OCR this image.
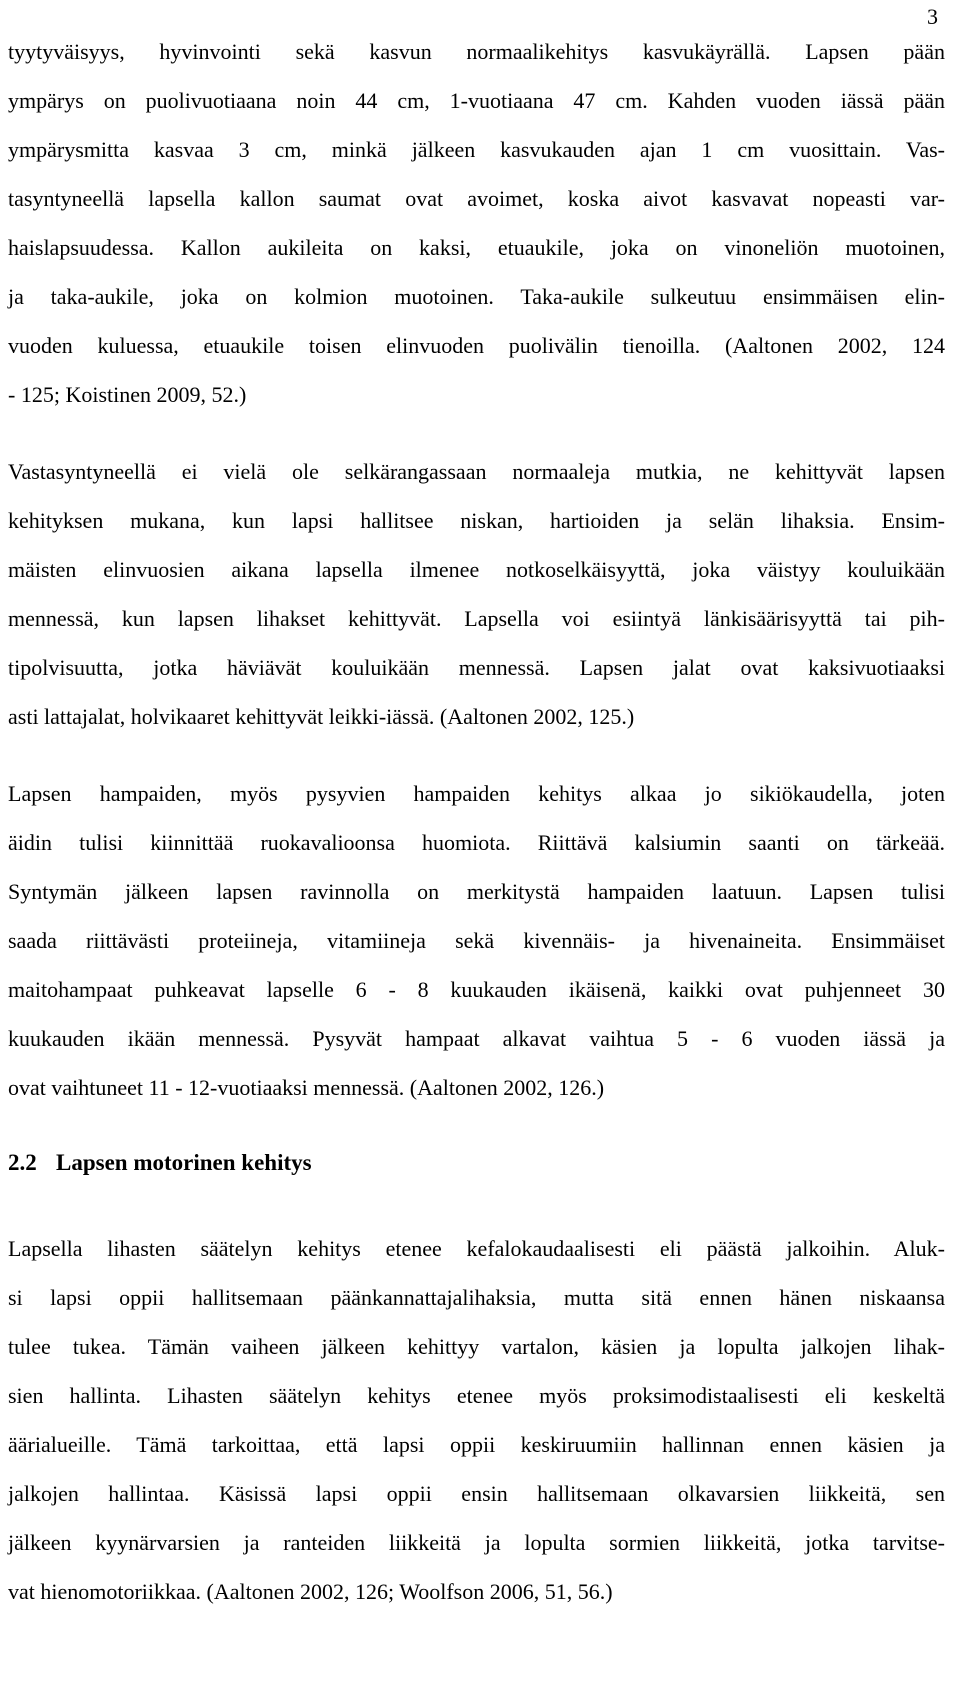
3
tyytyväisyys, hyvinvointi sekä kasvun normaalikehitys kasvukäyrällä. Lapsen pään
ympärys on puolivuotiaana noin 44 cm, 1-vuotiaana 47 cm. Kahden vuoden iässä pään
ympärysmitta kasvaa 3 cm, minkä jälkeen kasvukauden ajan 1 cm vuosittain. Vas-
tasyntyneellä lapsella kallon saumat ovat avoimet, koska aivot kasvavat nopeasti var-
haislapsuudessa. Kallon aukileita on kaksi, etuaukile, joka on vinoneliön muotoinen,
ja taka-aukile, joka on kolmion muotoinen. Taka-aukile sulkeutuu ensimmäisen elin-
vuoden kuluessa, etuaukile toisen elinvuoden puolivälin tienoilla. (Aaltonen 2002, 124
- 125; Koistinen 2009, 52.)
Vastasyntyneellä ei vielä ole selkärangassaan normaaleja mutkia, ne kehittyvät lapsen
kehityksen mukana, kun lapsi hallitsee niskan, hartioiden ja selän lihaksia. Ensim-
mäisten elinvuosien aikana lapsella ilmenee notkoselkäisyyttä, joka väistyy kouluikään
mennessä, kun lapsen lihakset kehittyvät. Lapsella voi esiintyä länkisäärisyyttä tai pih-
tipolvisuutta, jotka häviävät kouluikään mennessä. Lapsen jalat ovat kaksivuotiaaksi
asti lattajalat, holvikaaret kehittyvät leikki-iässä. (Aaltonen 2002, 125.)
Lapsen hampaiden, myös pysyvien hampaiden kehitys alkaa jo sikiökaudella, joten
äidin tulisi kiinnittää ruokavalioonsa huomiota. Riittävä kalsiumin saanti on tärkeää.
Syntymän jälkeen lapsen ravinnolla on merkitystä hampaiden laatuun. Lapsen tulisi
saada riittävästi proteiineja, vitamiineja sekä kivennäis- ja hivenaineita. Ensimmäiset
maitohampaat puhkeavat lapselle 6 - 8 kuukauden ikäisenä, kaikki ovat puhjenneet 30
kuukauden ikään mennessä. Pysyvät hampaat alkavat vaihtua 5 - 6 vuoden iässä ja
ovat vaihtuneet 11 - 12-vuotiaaksi mennessä. (Aaltonen 2002, 126.)
2.2 Lapsen motorinen kehitys
Lapsella lihasten säätelyn kehitys etenee kefalokaudaalisesti eli päästä jalkoihin. Aluk-
si lapsi oppii hallitsemaan päänkannattajalihaksia, mutta sitä ennen hänen niskaansa
tulee tukea. Tämän vaiheen jälkeen kehittyy vartalon, käsien ja lopulta jalkojen lihak-
sien hallinta. Lihasten säätelyn kehitys etenee myös proksimodistaalisesti eli keskeltä
äärialueille. Tämä tarkoittaa, että lapsi oppii keskiruumiin hallinnan ennen käsien ja
jalkojen hallintaa. Käsissä lapsi oppii ensin hallitsemaan olkavarsien liikkeitä, sen
jälkeen kyynärvarsien ja ranteiden liikkeitä ja lopulta sormien liikkeitä, jotka tarvitse-
vat hienomotoriikkaa. (Aaltonen 2002, 126; Woolfson 2006, 51, 56.)
